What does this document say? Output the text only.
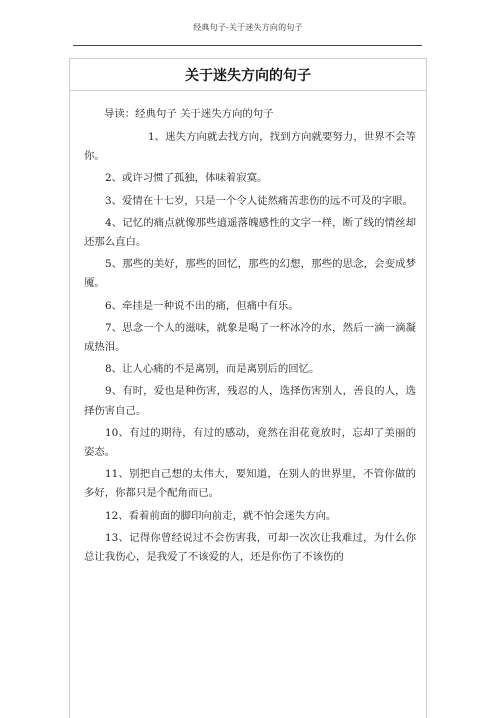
经典句子-关于迷失方向的句子
关于迷失方向的句子
导读：经典句子 关于迷失方向的句子

1、迷失方向就去找方向，找到方向就要努力，世界不会等你。

2、或许习惯了孤独，体味着寂寞。

3、爱情在十七岁，只是一个令人徒然痛苦悲伤的远不可及的字眼。

4、记忆的痛点就像那些逍遥落魄感性的文字一样，断了线的情丝却还那么直白。

5、那些的美好，那些的回忆，那些的幻想，那些的思念，会变成梦魇。

6、牵挂是一种说不出的痛，但痛中有乐。

7、思念一个人的滋味，就象是喝了一杯冰冷的水，然后一滴一滴凝成热泪。

8、让人心痛的不是离别，而是离别后的回忆。

9、有时，爱也是种伤害，残忍的人，选择伤害别人，善良的人，选择伤害自己。

10、有过的期待，有过的感动，竟然在泪花竟放时，忘却了美丽的姿态。

11、别把自己想的太伟大，要知道，在别人的世界里，不管你做的多好，你都只是个配角而已。

12、看着前面的脚印向前走，就不怕会迷失方向。

13、记得你曾经说过不会伤害我，可却一次次让我难过，为什么你总让我伤心，是我爱了不该爱的人，还是你伤了不该伤的
